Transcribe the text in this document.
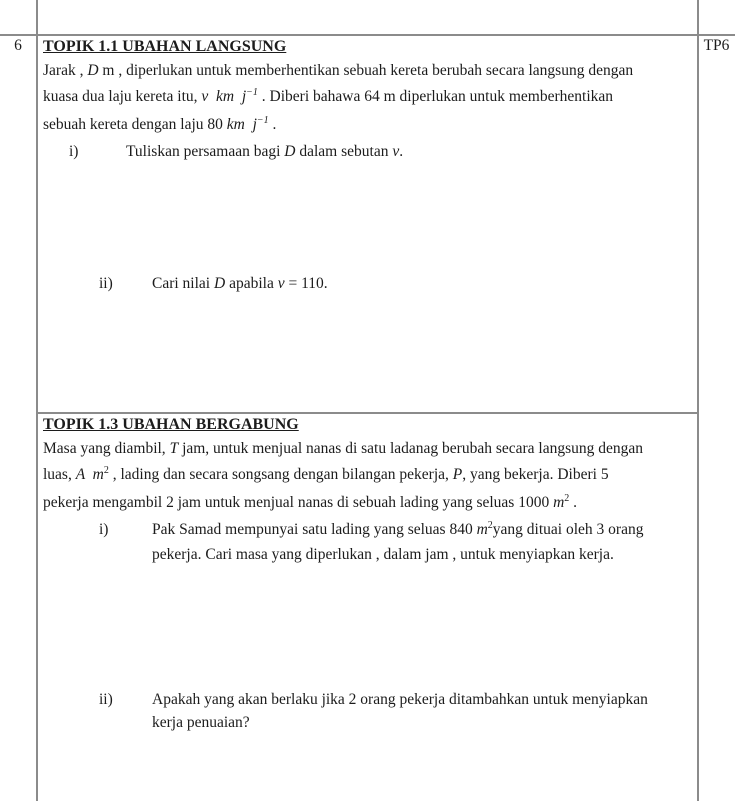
6	TP6
TOPIK 1.1 UBAHAN LANGSUNG
Jarak , D m , diperlukan untuk memberhentikan sebuah kereta berubah secara langsung dengan
kuasa dua laju kereta itu, v  km  $j^{-1}$ . Diberi bahawa 64 m diperlukan untuk memberhentikan
sebuah kereta dengan laju 80 km  $j^{-1}$ .
i)	Tuliskan persamaan bagi D dalam sebutan v.
ii)	Cari nilai D apabila v = 110.
TOPIK 1.3 UBAHAN BERGABUNG
Masa yang diambil, T jam, untuk menjual nanas di satu ladanag berubah secara langsung dengan
luas, A  $m^2$ , lading dan secara songsang dengan bilangan pekerja, P, yang bekerja. Diberi 5
pekerja mengambil 2 jam untuk menjual nanas di sebuah lading yang seluas 1000 $m^2$ .
i)	Pak Samad mempunyai satu lading yang seluas 840 $m^2yang$ dituai oleh 3 orang
pekerja. Cari masa yang diperlukan , dalam jam , untuk menyiapkan kerja.
ii)	Apakah yang akan berlaku jika 2 orang pekerja ditambahkan untuk menyiapkan
kerja penuaian?
